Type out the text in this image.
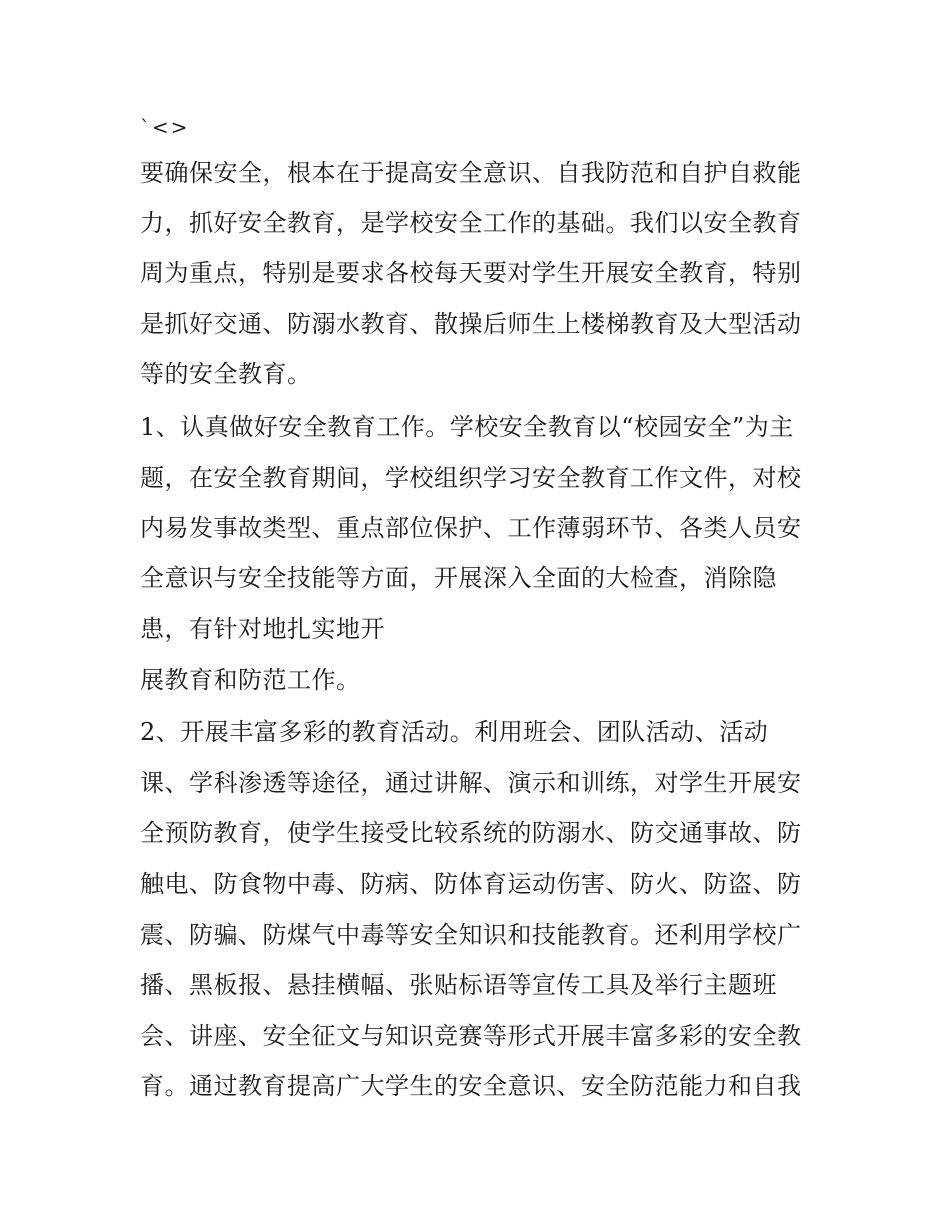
`<>
要确保安全，根本在于提高安全意识、自我防范和自护自救能
力，抓好安全教育，是学校安全工作的基础。我们以安全教育
周为重点，特别是要求各校每天要对学生开展安全教育，特别
是抓好交通、防溺水教育、散操后师生上楼梯教育及大型活动
等的安全教育。
1、认真做好安全教育工作。学校安全教育以“校园安全”为主
题，在安全教育期间，学校组织学习安全教育工作文件，对校
内易发事故类型、重点部位保护、工作薄弱环节、各类人员安
全意识与安全技能等方面，开展深入全面的大检查，消除隐
患，有针对地扎实地开
展教育和防范工作。
2、开展丰富多彩的教育活动。利用班会、团队活动、活动
课、学科渗透等途径，通过讲解、演示和训练，对学生开展安
全预防教育，使学生接受比较系统的防溺水、防交通事故、防
触电、防食物中毒、防病、防体育运动伤害、防火、防盗、防
震、防骗、防煤气中毒等安全知识和技能教育。还利用学校广
播、黑板报、悬挂横幅、张贴标语等宣传工具及举行主题班
会、讲座、安全征文与知识竞赛等形式开展丰富多彩的安全教
育。通过教育提高广大学生的安全意识、安全防范能力和自我
